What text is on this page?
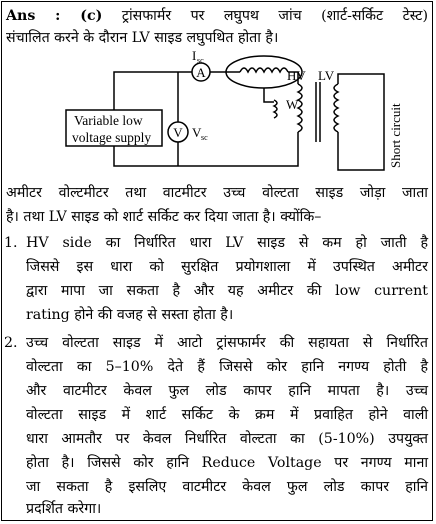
Ans : (c) ट्रांसफार्मर पर लघुपथ जांच (शार्ट-सर्किट टेस्ट)
संचालित करने के दौरान LV साइड लघुपथित होता है।
A
V
I sc
V sc
Variable low
voltage supply
W
HV LV
Short circuit
अमीटर वोल्टमीटर तथा वाटमीटर उच्च वोल्टता साइड जोड़ा जाता
है। तथा LV साइड को शार्ट सर्किट कर दिया जाता है। क्योंकि–
1. HV side का निर्धारित धारा LV साइड से कम हो जाती है
जिससे इस धारा को सुरक्षित प्रयोगशाला में उपस्थित अमीटर
द्वारा मापा जा सकता है और यह अमीटर की low current
rating होने की वजह से सस्ता होता है।
2. उच्च वोल्टता साइड में आटो ट्रांसफार्मर की सहायता से निर्धारित
वोल्टता का 5–10% देते हैं जिससे कोर हानि नगण्य होती है
और वाटमीटर केवल फुल लोड कापर हानि मापता है। उच्च
वोल्टता साइड में शार्ट सर्किट के क्रम में प्रवाहित होने वाली
धारा आमतौर पर केवल निर्धारित वोल्टता का (5-10%) उपयुक्त
होता है। जिससे कोर हानि Reduce Voltage पर नगण्य माना
जा सकता है इसलिए वाटमीटर केवल फुल लोड कापर हानि
प्रदर्शित करेगा।
